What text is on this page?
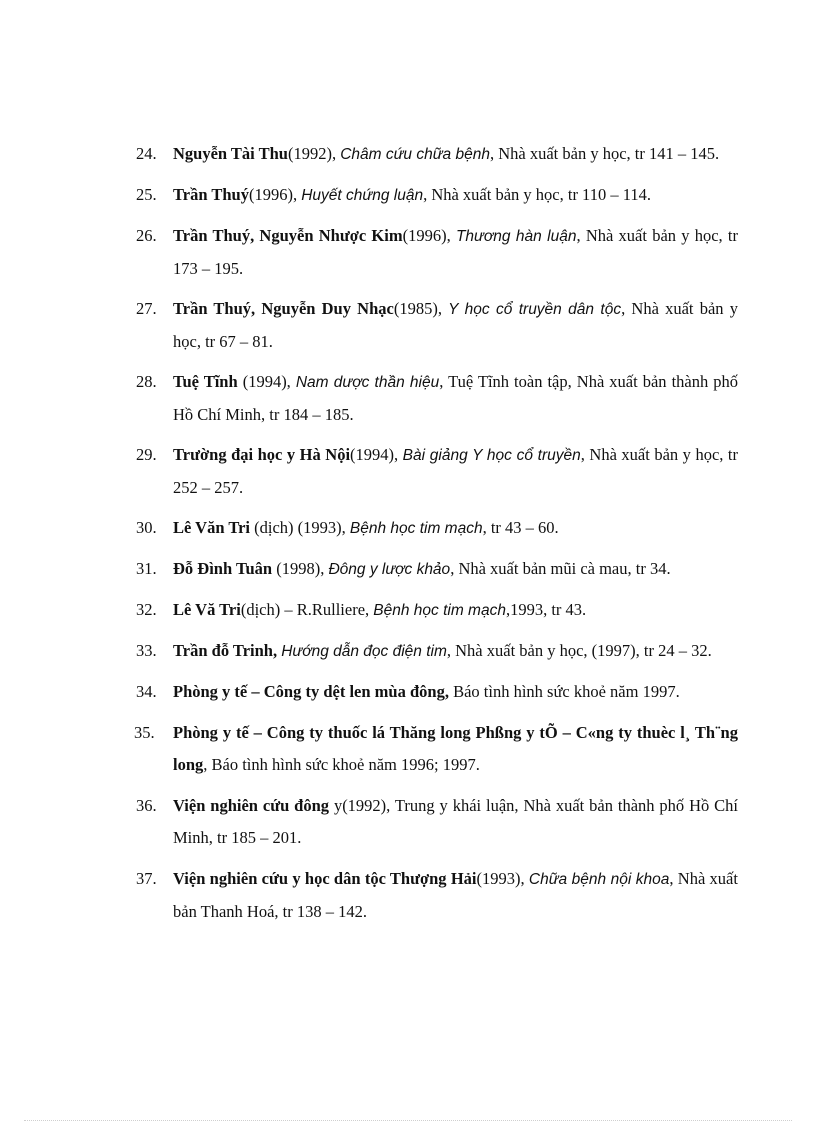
24. Nguyễn Tài Thu(1992), Châm cứu chữa bệnh, Nhà xuất bản y học, tr 141 – 145.
25. Trần Thuý(1996), Huyết chứng luận, Nhà xuất bản y học, tr 110 – 114.
26. Trần Thuý, Nguyễn Nhược Kim(1996), Thương hàn luận, Nhà xuất bản y học, tr 173 – 195.
27. Trần Thuý, Nguyễn Duy Nhạc(1985), Y học cổ truyền dân tộc, Nhà xuất bản y học, tr 67 – 81.
28. Tuệ Tĩnh (1994), Nam dược thần hiệu, Tuệ Tĩnh toàn tập, Nhà xuất bản thành phố Hồ Chí Minh, tr 184 – 185.
29. Trường đại học y Hà Nội(1994), Bài giảng Y học cổ truyền, Nhà xuất bản y học, tr 252 – 257.
30. Lê Văn Tri (dịch) (1993), Bệnh học tim mạch, tr 43 – 60.
31. Đỗ Đình Tuân (1998), Đông y lược khảo, Nhà xuất bản mũi cà mau, tr 34.
32. Lê Vă Tri(dịch) – R.Rulliere, Bệnh học tim mạch,1993, tr 43.
33. Trần đỗ Trinh, Hướng dẫn đọc điện tim, Nhà xuất bản y học, (1997), tr 24 – 32.
34. Phòng y tế – Công ty dệt len mùa đông, Báo tình hình sức khoẻ năm 1997.
35. Phòng y tế – Công ty thuốc lá Thăng long Phßng y tÕ – C«ng ty thuèc l¸ Th¨ng long, Báo tình hình sức khoẻ năm 1996; 1997.
36. Viện nghiên cứu đông y(1992), Trung y khái luận, Nhà xuất bản thành phố Hồ Chí Minh, tr 185 – 201.
37. Viện nghiên cứu y học dân tộc Thượng Hải(1993), Chữa bệnh nội khoa, Nhà xuất bản Thanh Hoá, tr 138 – 142.
